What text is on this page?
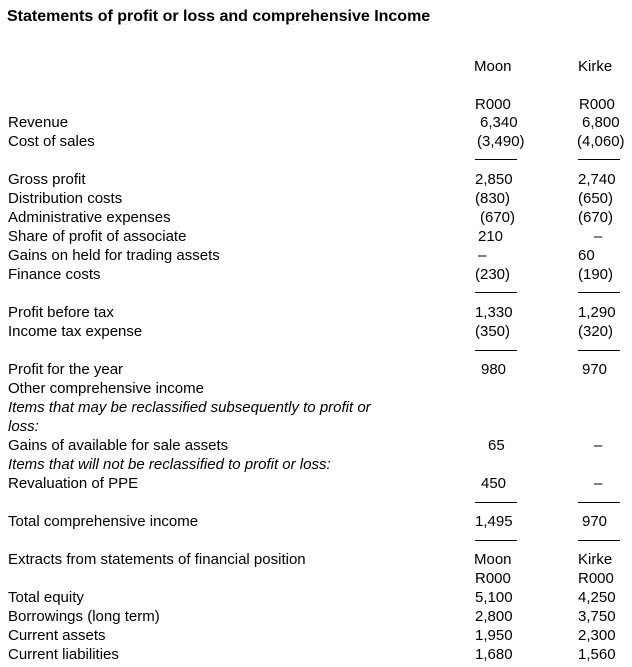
Statements of profit or loss and comprehensive Income
Moon	Kirke
R000	R000
Revenue	6,340	6,800
Cost of sales	(3,490)	(4,060)
Gross profit	2,850	2,740
Distribution costs	(830)	(650)
Administrative expenses	(670)	(670)
Share of profit of associate	210	–
Gains on held for trading assets	–	60
Finance costs	(230)	(190)
Profit before tax	1,330	1,290
Income tax expense	(350)	(320)
Profit for the year	980	970
Other comprehensive income
Items that may be reclassified subsequently to profit or
loss:
Gains of available for sale assets	65	–
Items that will not be reclassified to profit or loss:
Revaluation of PPE	450	–
Total comprehensive income	1,495	970
Extracts from statements of financial position	Moon	Kirke
R000	R000
Total equity	5,100	4,250
Borrowings (long term)	2,800	3,750
Current assets	1,950	2,300
Current liabilities	1,680	1,560
